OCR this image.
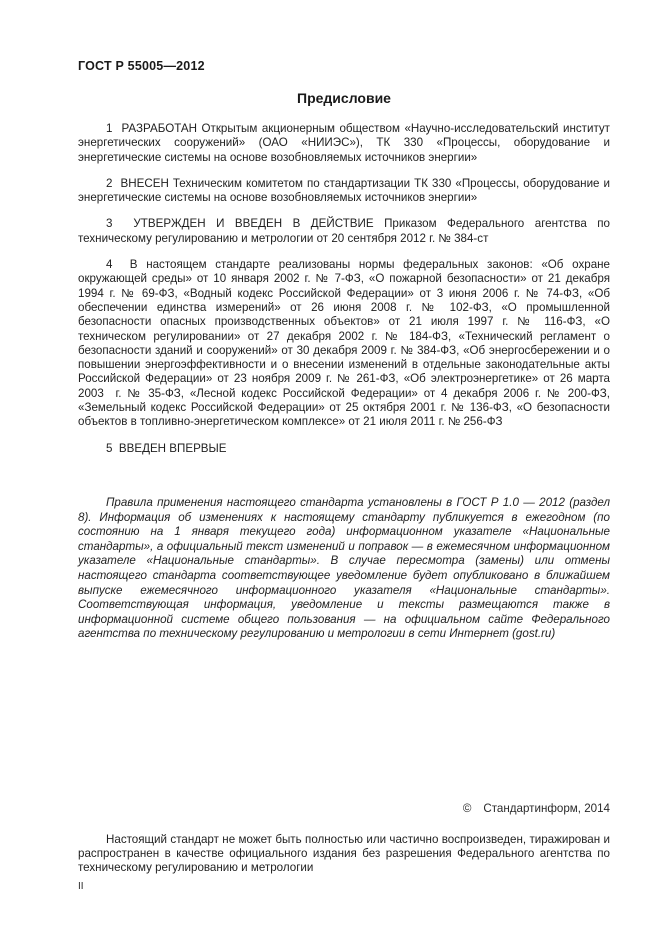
ГОСТ Р 55005—2012
Предисловие

1  РАЗРАБОТАН Открытым акционерным обществом «Научно-исследовательский институт энергетических сооружений» (ОАО «НИИЭС»), ТК 330 «Процессы, оборудование и энергетические системы на основе возобновляемых источников энергии»

2  ВНЕСЕН Техническим комитетом по стандартизации ТК 330 «Процессы, оборудование и энергетические системы на основе возобновляемых источников энергии»

3  УТВЕРЖДЕН И ВВЕДЕН В ДЕЙСТВИЕ Приказом Федерального агентства по техническому регулированию и метрологии от 20 сентября 2012 г. № 384-ст

4  В настоящем стандарте реализованы нормы федеральных законов: «Об охране окружающей среды» от 10 января 2002 г. № 7-ФЗ, «О пожарной безопасности» от 21 декабря 1994 г. № 69-ФЗ, «Водный кодекс Российской Федерации» от 3 июня 2006 г. № 74-ФЗ, «Об обеспечении единства измерений» от 26 июня 2008 г. № 102-ФЗ, «О промышленной безопасности опасных производственных объектов» от 21 июля 1997 г. № 116-ФЗ, «О техническом регулировании» от 27 декабря 2002 г. № 184-ФЗ, «Технический регламент о безопасности зданий и сооружений» от 30 декабря 2009 г. № 384-ФЗ, «Об энергосбережении и о повышении энергоэффективности и о внесении изменений в отдельные законодательные акты Российской Федерации» от 23 ноября 2009 г. № 261-ФЗ, «Об электроэнергетике» от 26 марта 2003  г. № 35-ФЗ, «Лесной кодекс Российской Федерации» от 4 декабря 2006 г. № 200-ФЗ, «Земельный кодекс Российской Федерации» от 25 октября 2001 г. № 136-ФЗ, «О безопасности объектов в топливно-энергетическом комплексе» от 21 июля 2011 г. № 256-ФЗ

5  ВВЕДЕН ВПЕРВЫЕ

Правила применения настоящего стандарта установлены в ГОСТ Р 1.0 — 2012 (раздел 8). Информация об изменениях к настоящему стандарту публикуется в ежегодном (по состоянию на 1 января текущего года) информационном указателе «Национальные стандарты», а официальный текст изменений и поправок — в ежемесячном информационном указателе «Национальные стандарты». В случае пересмотра (замены) или отмены настоящего стандарта соответствующее уведомление будет опубликовано в ближайшем выпуске ежемесячного информационного указателя «Национальные стандарты». Соответствующая информация, уведомление и тексты размещаются также в информационной системе общего пользования — на официальном сайте Федерального агентства по техническому регулированию и метрологии в сети Интернет (gost.ru)

© Стандартинформ, 2014

Настоящий стандарт не может быть полностью или частично воспроизведен, тиражирован и распространен в качестве официального издания без разрешения Федерального агентства по техническому регулированию и метрологии

II
